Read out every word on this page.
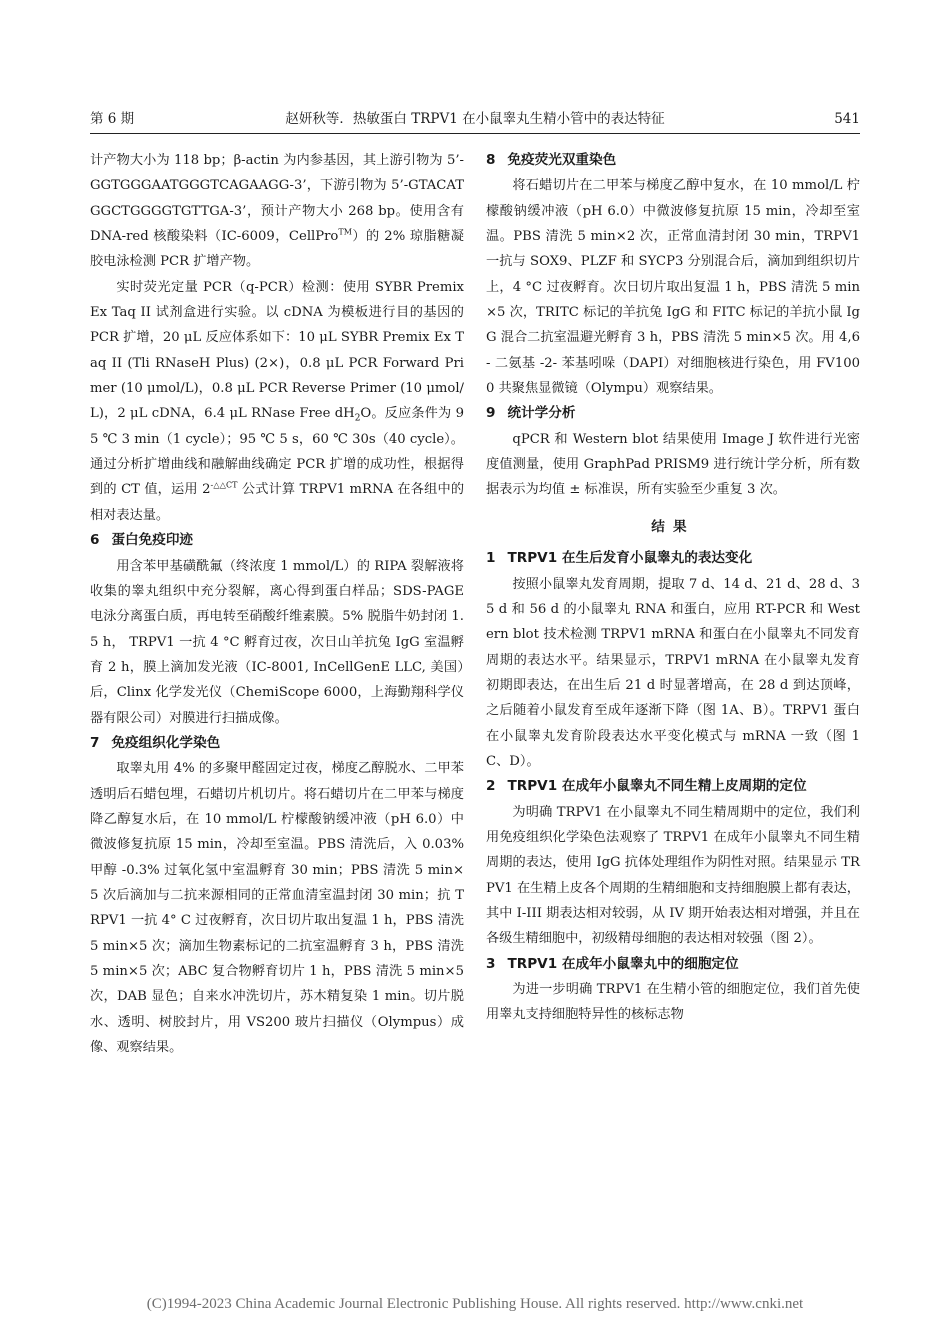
第 6 期	赵妍秋等．热敏蛋白 TRPV1 在小鼠睾丸生精小管中的表达特征	541

计产物大小为 118 bp；β-actin 为内参基因，其上游引物为 5’-GGTGGGAATGGGTCAGAAGG-3’，下游引物为 5’-GTACATGGCTGGGGTGTTGA-3’，预计产物大小 268 bp。使用含有 DNA-red 核酸染料（IC-6009，CellPro™）的 2% 琼脂糖凝胶电泳检测 PCR 扩增产物。

实时荧光定量 PCR（q-PCR）检测：使用 SYBR Premix Ex Taq II 试剂盒进行实验。以 cDNA 为模板进行目的基因的 PCR 扩增，20 μL 反应体系如下：10 μL SYBR Premix Ex Taq II (Tli RNaseH Plus) (2×)，0.8 μL PCR Forward Primer (10 μmol/L)，0.8 μL PCR Reverse Primer (10 μmol/L)，2 μL cDNA，6.4 μL RNase Free $dH_2O$。反应条件为 95 ℃ 3 min（1 cycle）；95 ℃ 5 s，60 ℃ 30s（40 cycle）。通过分析扩增曲线和融解曲线确定 PCR 扩增的成功性，根据得到的 CT 值，运用 $2^{-\triangle\triangle CT}$ 公式计算 TRPV1 mRNA 在各组中的相对表达量。

6 蛋白免疫印迹

用含苯甲基磺酰氟（终浓度 1 mmol/L）的 RIPA 裂解液将收集的睾丸组织中充分裂解，离心得到蛋白样品；SDS-PAGE 电泳分离蛋白质，再电转至硝酸纤维素膜。5% 脱脂牛奶封闭 1.5 h， TRPV1 一抗 4 °C 孵育过夜，次日山羊抗兔 IgG 室温孵育 2 h，膜上滴加发光液（IC-8001, InCellGenE LLC, 美国）后，Clinx 化学发光仪（ChemiScope 6000，上海勤翔科学仪器有限公司）对膜进行扫描成像。

7 免疫组织化学染色

取睾丸用 4% 的多聚甲醛固定过夜，梯度乙醇脱水、二甲苯透明后石蜡包埋，石蜡切片机切片。将石蜡切片在二甲苯与梯度降乙醇复水后，在 10 mmol/L 柠檬酸钠缓冲液（pH 6.0）中微波修复抗原 15 min，冷却至室温。PBS 清洗后，入 0.03% 甲醇 -0.3% 过氧化氢中室温孵育 30 min；PBS 清洗 5 min×5 次后滴加与二抗来源相同的正常血清室温封闭 30 min；抗 TRPV1 一抗 4° C 过夜孵育，次日切片取出复温 1 h，PBS 清洗 5 min×5 次；滴加生物素标记的二抗室温孵育 3 h，PBS 清洗 5 min×5 次；ABC 复合物孵育切片 1 h，PBS 清洗 5 min×5 次，DAB 显色；自来水冲洗切片，苏木精复染 1 min。切片脱水、透明、树胶封片，用 VS200 玻片扫描仪（Olympus）成像、观察结果。

8 免疫荧光双重染色

将石蜡切片在二甲苯与梯度乙醇中复水，在 10 mmol/L 柠檬酸钠缓冲液（pH 6.0）中微波修复抗原 15 min，冷却至室温。PBS 清洗 5 min×2 次，正常血清封闭 30 min，TRPV1 一抗与 SOX9、PLZF 和 SYCP3 分别混合后，滴加到组织切片上，4 °C 过夜孵育。次日切片取出复温 1 h，PBS 清洗 5 min×5 次，TRITC 标记的羊抗兔 IgG 和 FITC 标记的羊抗小鼠 IgG 混合二抗室温避光孵育 3 h，PBS 清洗 5 min×5 次。用 4,6- 二氨基 -2- 苯基吲哚（DAPI）对细胞核进行染色，用 FV1000 共聚焦显微镜（Olympu）观察结果。

9 统计学分析

qPCR 和 Western blot 结果使用 Image J 软件进行光密度值测量，使用 GraphPad PRISM9 进行统计学分析，所有数据表示为均值 ± 标准误，所有实验至少重复 3 次。

结果
1 TRPV1 在生后发育小鼠睾丸的表达变化

按照小鼠睾丸发育周期，提取 7 d、14 d、21 d、28 d、35 d 和 56 d 的小鼠睾丸 RNA 和蛋白，应用 RT-PCR 和 Western blot 技术检测 TRPV1 mRNA 和蛋白在小鼠睾丸不同发育周期的表达水平。结果显示，TRPV1 mRNA 在小鼠睾丸发育初期即表达，在出生后 21 d 时显著增高，在 28 d 到达顶峰，之后随着小鼠发育至成年逐渐下降（图 1A、B）。TRPV1 蛋白在小鼠睾丸发育阶段表达水平变化模式与 mRNA 一致（图 1C、D）。

2 TRPV1 在成年小鼠睾丸不同生精上皮周期的定位

为明确 TRPV1 在小鼠睾丸不同生精周期中的定位，我们利用免疫组织化学染色法观察了 TRPV1 在成年小鼠睾丸不同生精周期的表达，使用 IgG 抗体处理组作为阴性对照。结果显示 TRPV1 在生精上皮各个周期的生精细胞和支持细胞膜上都有表达，其中 I-III 期表达相对较弱，从 IV 期开始表达相对增强，并且在各级生精细胞中，初级精母细胞的表达相对较强（图 2）。

3 TRPV1 在成年小鼠睾丸中的细胞定位

为进一步明确 TRPV1 在生精小管的细胞定位，我们首先使用睾丸支持细胞特异性的核标志物

(C)1994-2023 China Academic Journal Electronic Publishing House. All rights reserved. http://www.cnki.net
